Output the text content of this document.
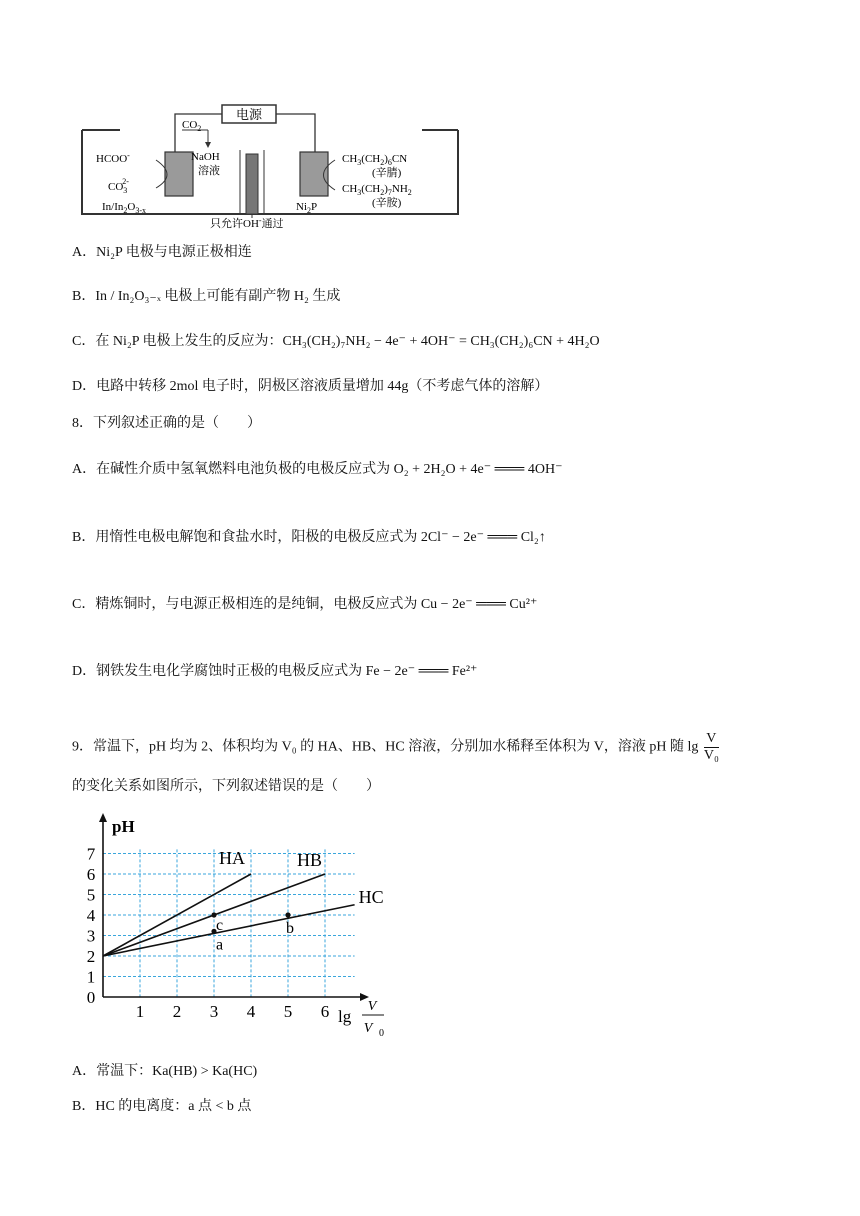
电源
$CO_2$
HCOO-
$CO_32-$
$In/In_2O_{3-x}$
NaOH
溶液
$CH_3(CH_2)_6CN$
(辛腈)
$CH_3(CH_2)_7NH_2$
(辛胺)
$Ni_2P$
只允许OH-通过
A．Ni₂P 电极与电源正极相连
B．In / In₂O₃₋ₓ 电极上可能有副产物 H₂ 生成
C．在 Ni₂P 电极上发生的反应为：CH₃(CH₂)₇NH₂ − 4e⁻ + 4OH⁻ = CH₃(CH₂)₆CN + 4H₂O
D．电路中转移 2mol 电子时，阴极区溶液质量增加 44g（不考虑气体的溶解）
8．下列叙述正确的是（　　）
A．在碱性介质中氢氧燃料电池负极的电极反应式为 O₂ + 2H₂O + 4e⁻ ═══ 4OH⁻
B．用惰性电极电解饱和食盐水时，阳极的电极反应式为 2Cl⁻ − 2e⁻ ═══ Cl₂↑
C．精炼铜时，与电源正极相连的是纯铜，电极反应式为 Cu − 2e⁻ ═══ Cu²⁺
D．钢铁发生电化学腐蚀时正极的电极反应式为 Fe − 2e⁻ ═══ Fe²⁺
9．常温下，pH 均为 2、体积均为 V₀ 的 HA、HB、HC 溶液，分别加水稀释至体积为 V，溶液 pH 随 $\lg \frac{V}{\text{V₀}}$
的变化关系如图所示，下列叙述错误的是（　　）
0
1
2
3
4
5
6
7
1 2 3 4 5 6
pH
lg
V
V 0
HA	HB
HC
a
c	b
A．常温下：Ka(HB) > Ka(HC)
B．HC 的电离度：a 点 < b 点
